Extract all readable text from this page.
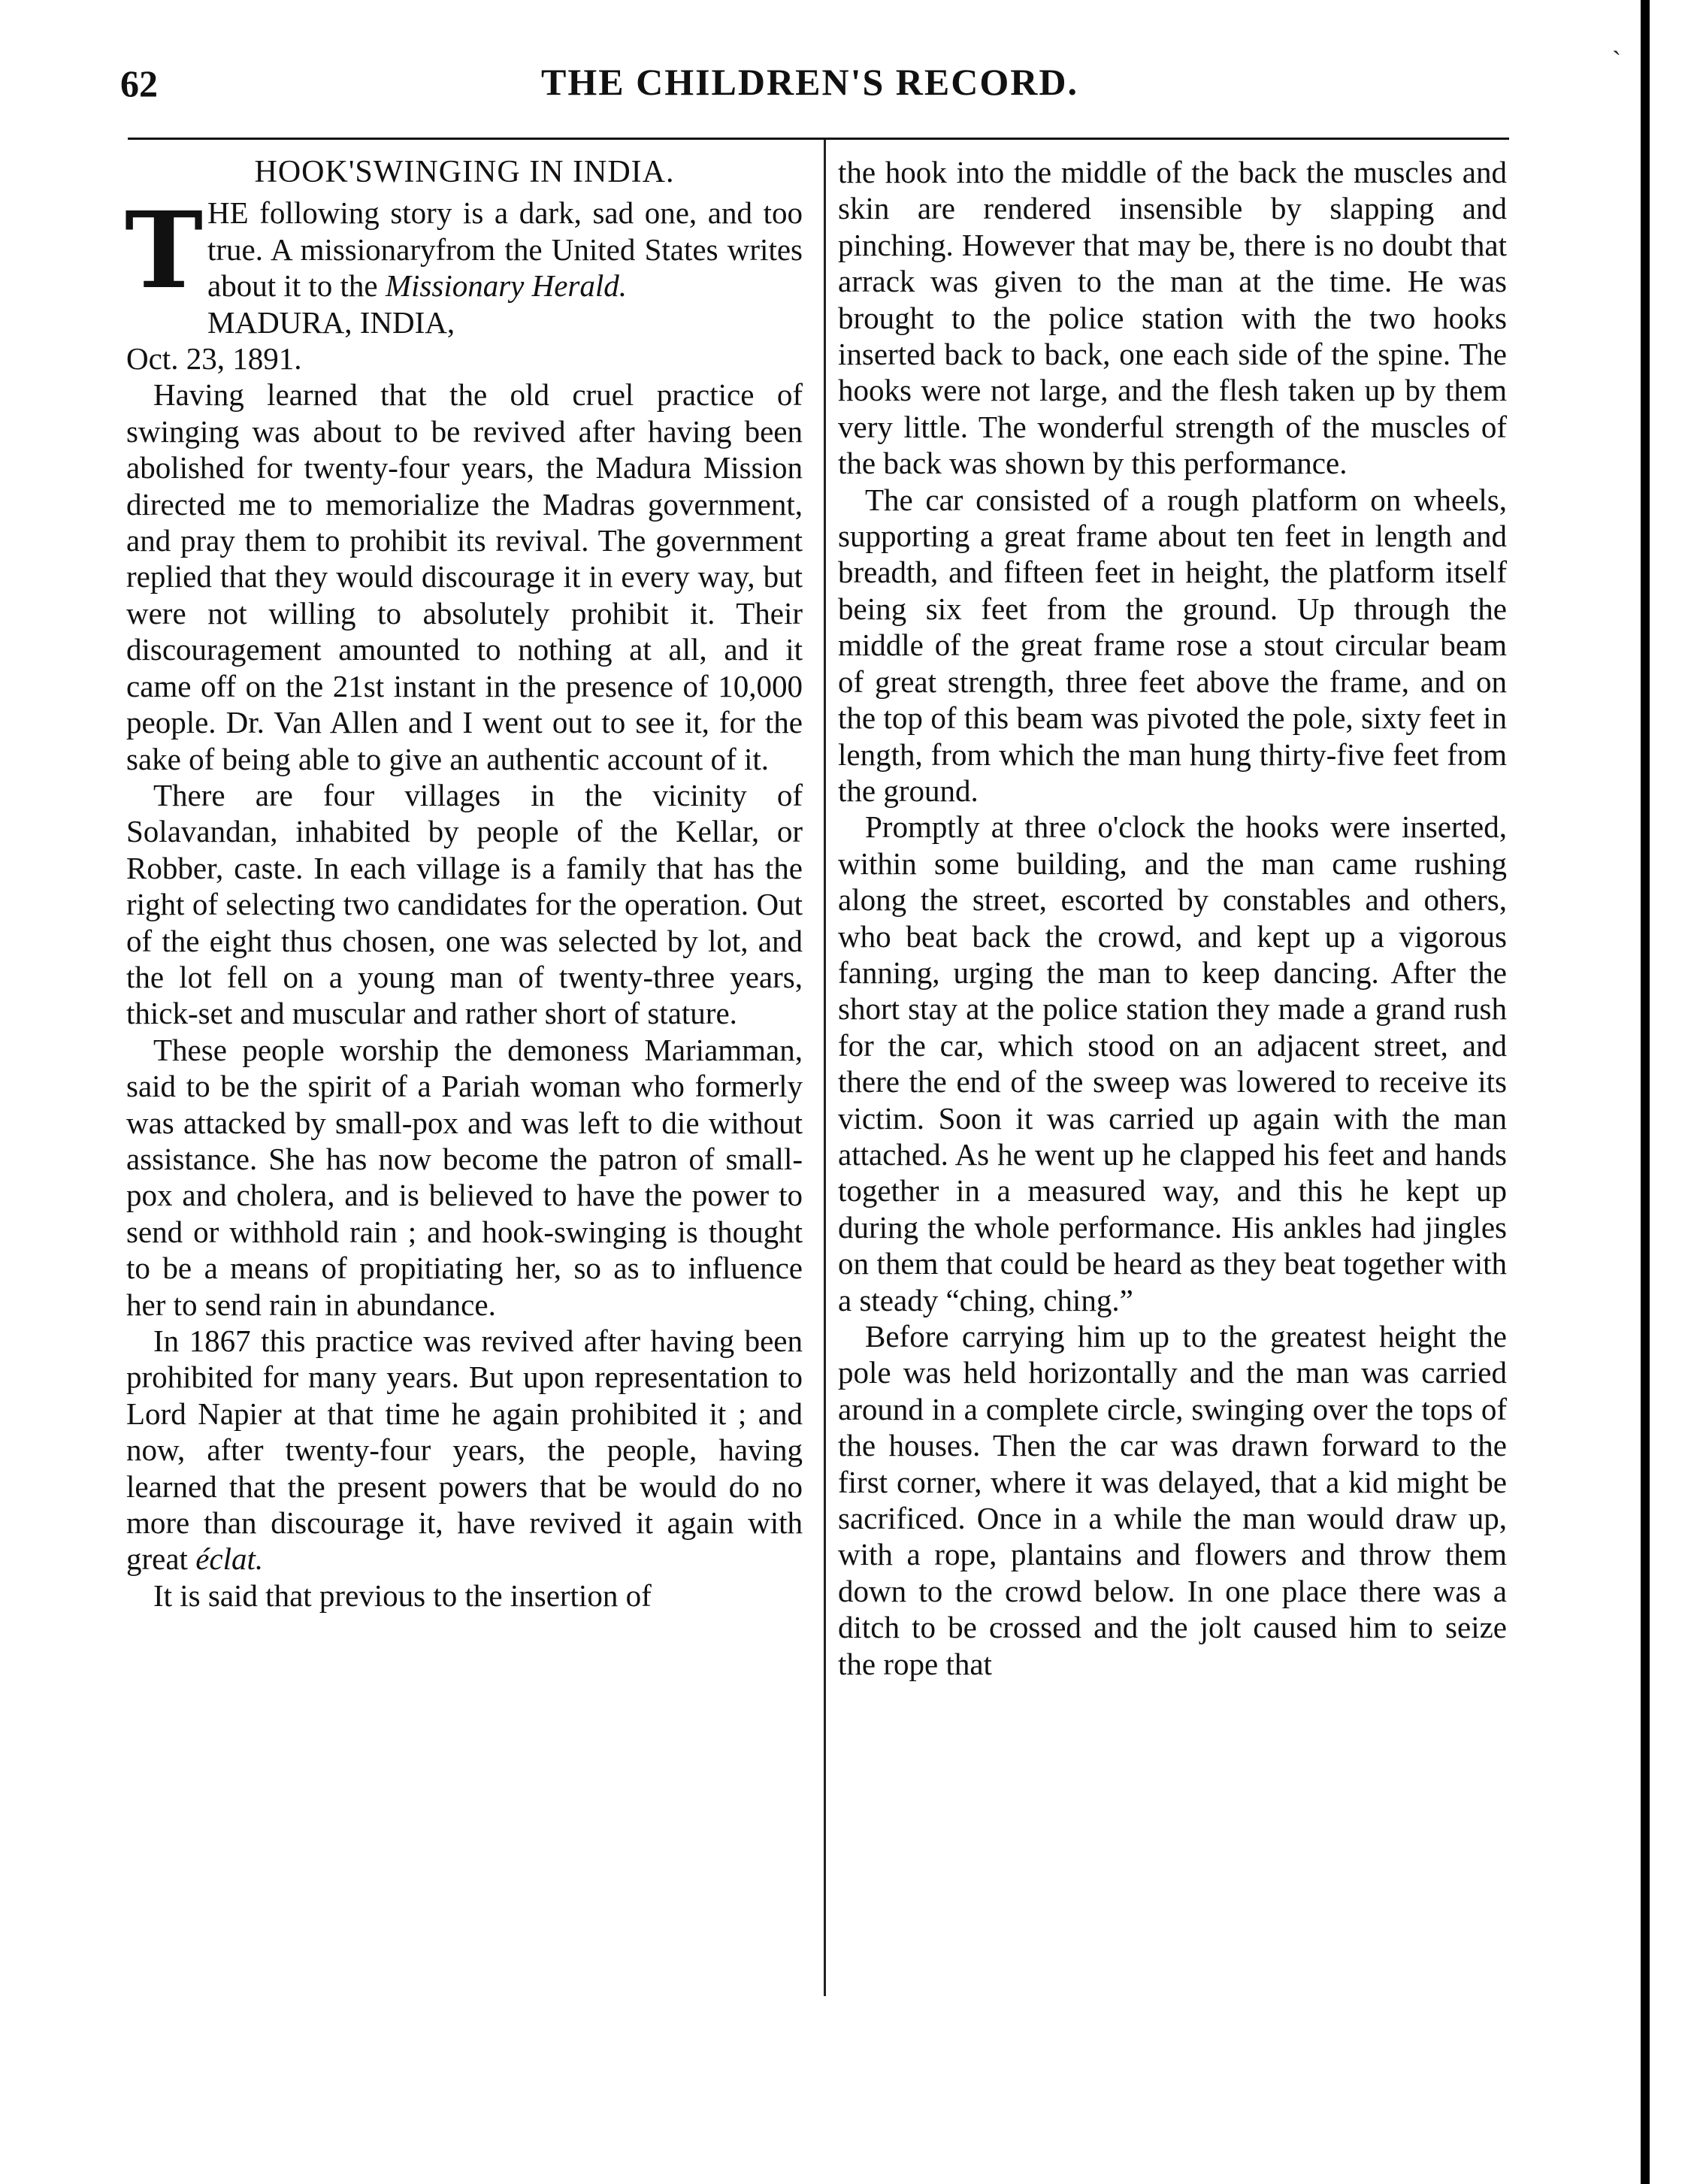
62	THE CHILDREN'S RECORD.
ˎ
HOOK'SWINGING IN INDIA.
T HE following story is a dark, sad one, and too true. A missionaryfrom the United States writes about it to the Missionary Herald.

MADURA, INDIA,

Oct. 23, 1891.

Having learned that the old cruel practice of swinging was about to be revived after having been abolished for twenty-four years, the Madura Mission directed me to memorialize the Madras government, and pray them to prohibit its revival. The government replied that they would discourage it in every way, but were not willing to absolutely prohibit it. Their discouragement amounted to nothing at all, and it came off on the 21st instant in the presence of 10,000 people. Dr. Van Allen and I went out to see it, for the sake of being able to give an authentic account of it.

There are four villages in the vicinity of Solavandan, inhabited by people of the Kellar, or Robber, caste. In each village is a family that has the right of selecting two candidates for the operation. Out of the eight thus chosen, one was selected by lot, and the lot fell on a young man of twenty-three years, thick-set and muscular and rather short of stature.

These people worship the demoness Mariamman, said to be the spirit of a Pariah woman who formerly was attacked by small-pox and was left to die without assistance. She has now become the patron of small-pox and cholera, and is believed to have the power to send or withhold rain ; and hook-swinging is thought to be a means of propitiating her, so as to influence her to send rain in abundance.

In 1867 this practice was revived after having been prohibited for many years. But upon representation to Lord Napier at that time he again prohibited it ; and now, after twenty-four years, the people, having learned that the present powers that be would do no more than discourage it, have revived it again with great éclat.

It is said that previous to the insertion of

the hook into the middle of the back the muscles and skin are rendered insensible by slapping and pinching. However that may be, there is no doubt that arrack was given to the man at the time. He was brought to the police station with the two hooks inserted back to back, one each side of the spine. The hooks were not large, and the flesh taken up by them very little. The wonderful strength of the muscles of the back was shown by this performance.

The car consisted of a rough platform on wheels, supporting a great frame about ten feet in length and breadth, and fifteen feet in height, the platform itself being six feet from the ground. Up through the middle of the great frame rose a stout circular beam of great strength, three feet above the frame, and on the top of this beam was pivoted the pole, sixty feet in length, from which the man hung thirty-five feet from the ground.

Promptly at three o'clock the hooks were inserted, within some building, and the man came rushing along the street, escorted by constables and others, who beat back the crowd, and kept up a vigorous fanning, urging the man to keep dancing. After the short stay at the police station they made a grand rush for the car, which stood on an adjacent street, and there the end of the sweep was lowered to receive its victim. Soon it was carried up again with the man attached. As he went up he clapped his feet and hands together in a measured way, and this he kept up during the whole performance. His ankles had jingles on them that could be heard as they beat together with a steady “ching, ching.”

Before carrying him up to the greatest height the pole was held horizontally and the man was carried around in a complete circle, swinging over the tops of the houses. Then the car was drawn forward to the first corner, where it was delayed, that a kid might be sacrificed. Once in a while the man would draw up, with a rope, plantains and flowers and throw them down to the crowd below. In one place there was a ditch to be crossed and the jolt caused him to seize the rope that
